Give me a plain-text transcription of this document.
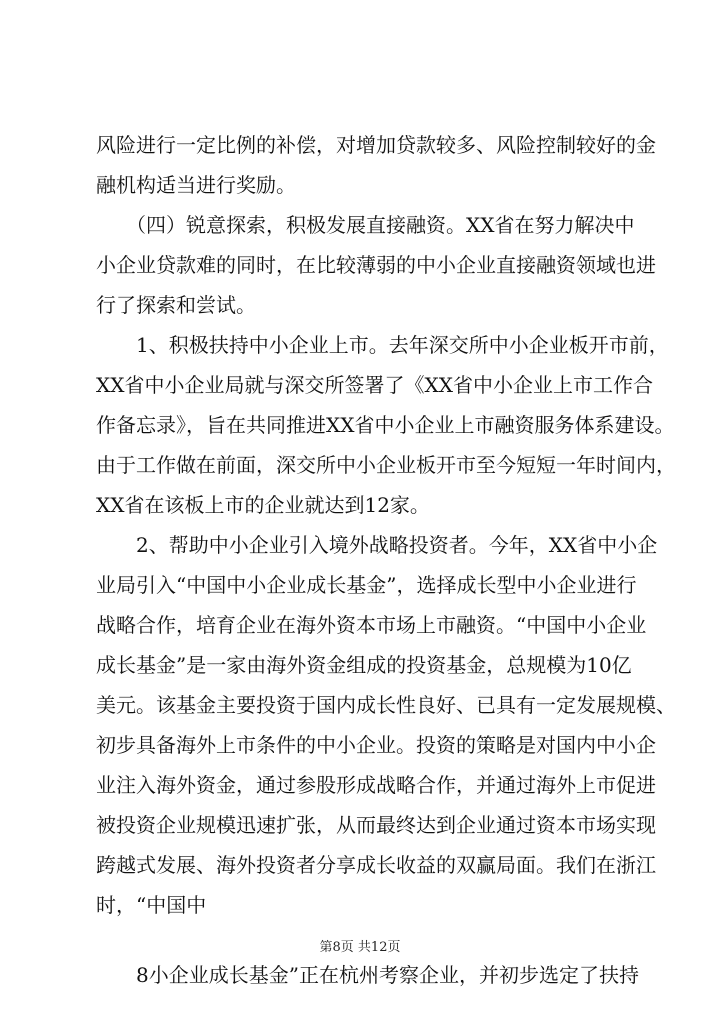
风险进行一定比例的补偿，对增加贷款较多、风险控制较好的金
融机构适当进行奖励。
　　（四）锐意探索，积极发展直接融资。XX省在努力解决中
小企业贷款难的同时，在比较薄弱的中小企业直接融资领域也进
行了探索和尝试。
　　1、积极扶持中小企业上市。去年深交所中小企业板开市前，
XX省中小企业局就与深交所签署了《XX省中小企业上市工作合
作备忘录》，旨在共同推进XX省中小企业上市融资服务体系建设。
由于工作做在前面，深交所中小企业板开市至今短短一年时间内，
XX省在该板上市的企业就达到12家。
　　2、帮助中小企业引入境外战略投资者。今年，XX省中小企
业局引入“中国中小企业成长基金”，选择成长型中小企业进行
战略合作，培育企业在海外资本市场上市融资。“中国中小企业
成长基金”是一家由海外资金组成的投资基金，总规模为10亿
美元。该基金主要投资于国内成长性良好、已具有一定发展规模、
初步具备海外上市条件的中小企业。投资的策略是对国内中小企
业注入海外资金，通过参股形成战略合作，并通过海外上市促进
被投资企业规模迅速扩张，从而最终达到企业通过资本市场实现
跨越式发展、海外投资者分享成长收益的双赢局面。我们在浙江
时，“中国中
　　8小企业成长基金”正在杭州考察企业，并初步选定了扶持
第8页 共12页
